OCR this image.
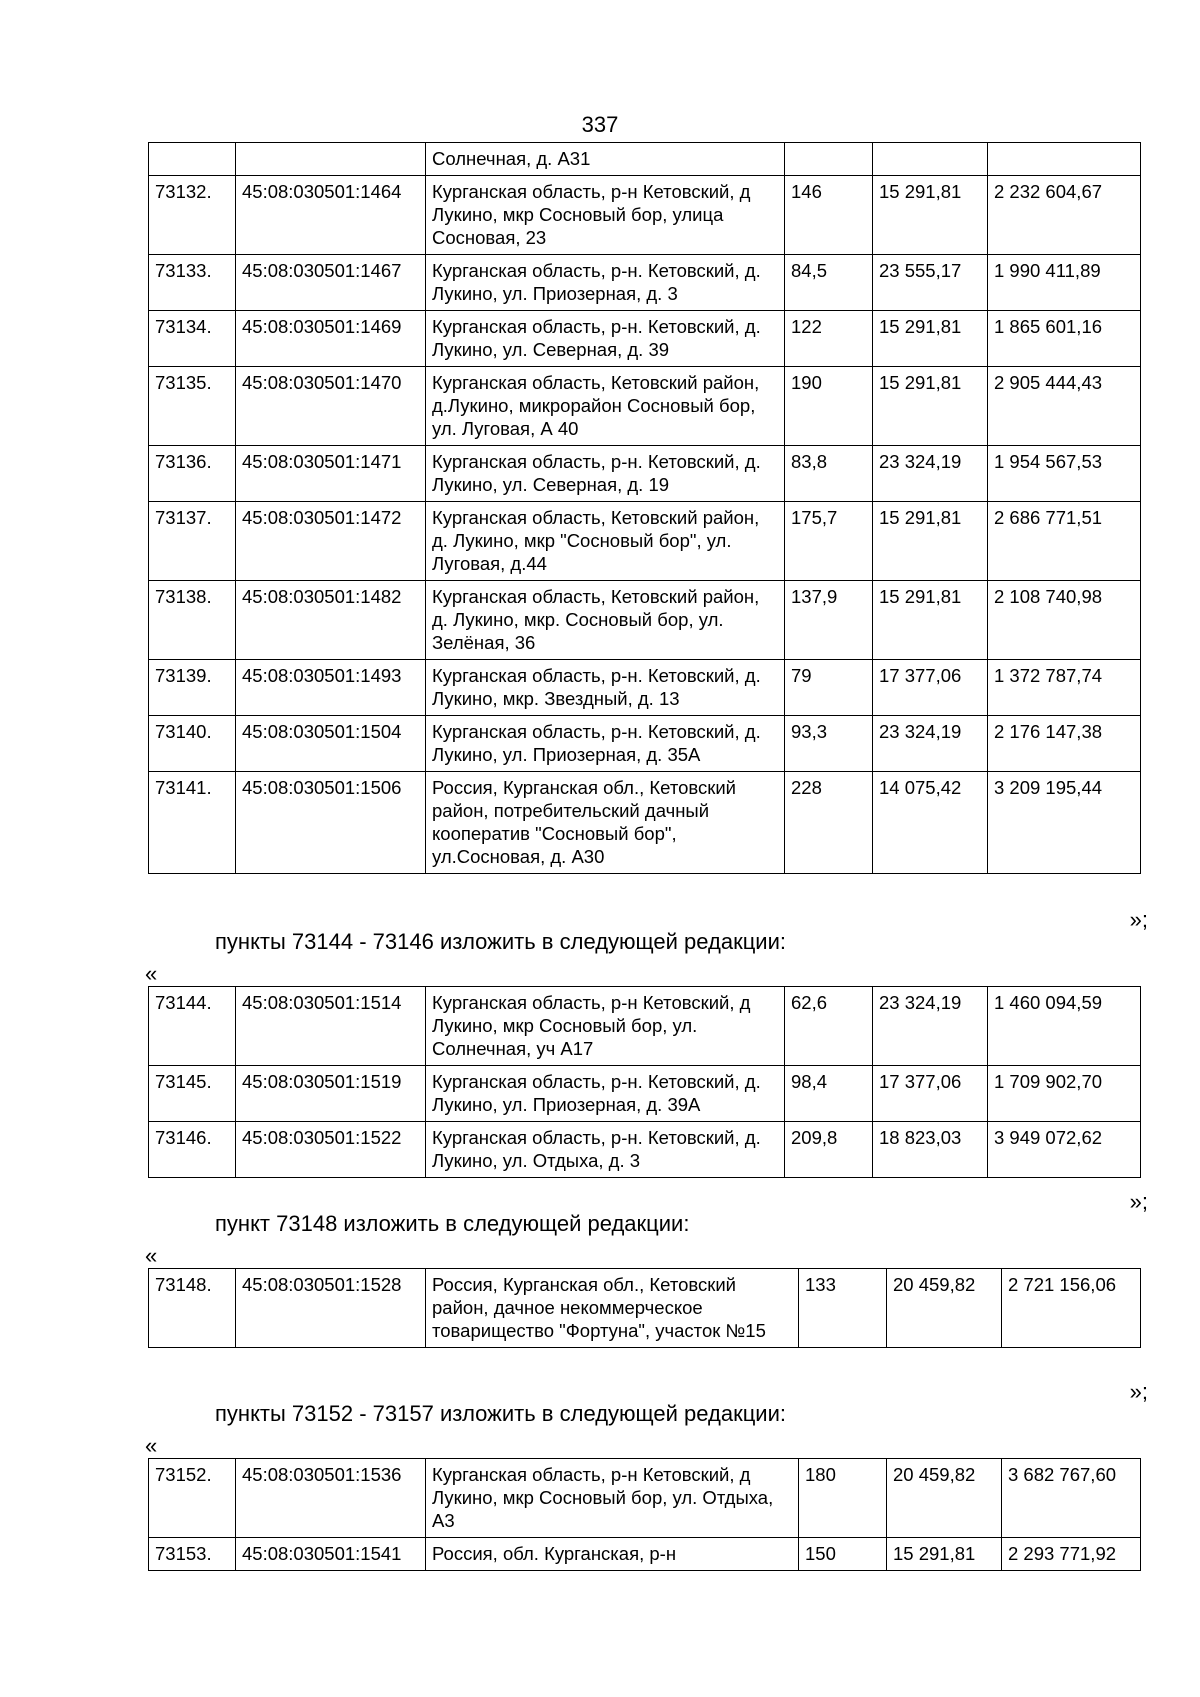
337
		Солнечная, д. А31			
73132.	45:08:030501:1464	Курганская область, р-н Кетовский, д Лукино, мкр Сосновый бор, улица Сосновая, 23	146	15 291,81	2 232 604,67
73133.	45:08:030501:1467	Курганская область, р-н. Кетовский, д. Лукино, ул. Приозерная, д. 3	84,5	23 555,17	1 990 411,89
73134.	45:08:030501:1469	Курганская область, р-н. Кетовский, д. Лукино, ул. Северная, д. 39	122	15 291,81	1 865 601,16
73135.	45:08:030501:1470	Курганская область, Кетовский район, д.Лукино, микрорайон Сосновый бор, ул. Луговая, А 40	190	15 291,81	2 905 444,43
73136.	45:08:030501:1471	Курганская область, р-н. Кетовский, д. Лукино, ул. Северная, д. 19	83,8	23 324,19	1 954 567,53
73137.	45:08:030501:1472	Курганская область, Кетовский район, д. Лукино, мкр "Сосновый бор", ул. Луговая, д.44	175,7	15 291,81	2 686 771,51
73138.	45:08:030501:1482	Курганская область, Кетовский район, д. Лукино, мкр. Сосновый бор, ул. Зелёная, 36	137,9	15 291,81	2 108 740,98
73139.	45:08:030501:1493	Курганская область, р-н. Кетовский, д. Лукино, мкр. Звездный, д. 13	79	17 377,06	1 372 787,74
73140.	45:08:030501:1504	Курганская область, р-н. Кетовский, д. Лукино, ул. Приозерная, д. 35А	93,3	23 324,19	2 176 147,38
73141.	45:08:030501:1506	Россия, Курганская обл., Кетовский район, потребительский дачный кооператив "Сосновый бор", ул.Сосновая, д. А30	228	14 075,42	3 209 195,44
»;
пункты 73144 - 73146 изложить в следующей редакции:
«
73144.	45:08:030501:1514	Курганская область, р-н Кетовский, д Лукино, мкр Сосновый бор, ул. Солнечная, уч А17	62,6	23 324,19	1 460 094,59
73145.	45:08:030501:1519	Курганская область, р-н. Кетовский, д. Лукино, ул. Приозерная, д. 39А	98,4	17 377,06	1 709 902,70
73146.	45:08:030501:1522	Курганская область, р-н. Кетовский, д. Лукино, ул. Отдыха, д. 3	209,8	18 823,03	3 949 072,62
»;
пункт 73148 изложить в следующей редакции:
«
73148.	45:08:030501:1528	Россия, Курганская обл., Кетовский район, дачное некоммерческое товарищество "Фортуна", участок №15	133	20 459,82	2 721 156,06
»;
пункты 73152 - 73157 изложить в следующей редакции:
«
73152.	45:08:030501:1536	Курганская область, р-н Кетовский, д Лукино, мкр Сосновый бор, ул. Отдыха, А3	180	20 459,82	3 682 767,60
73153.	45:08:030501:1541	Россия, обл. Курганская, р-н	150	15 291,81	2 293 771,92
